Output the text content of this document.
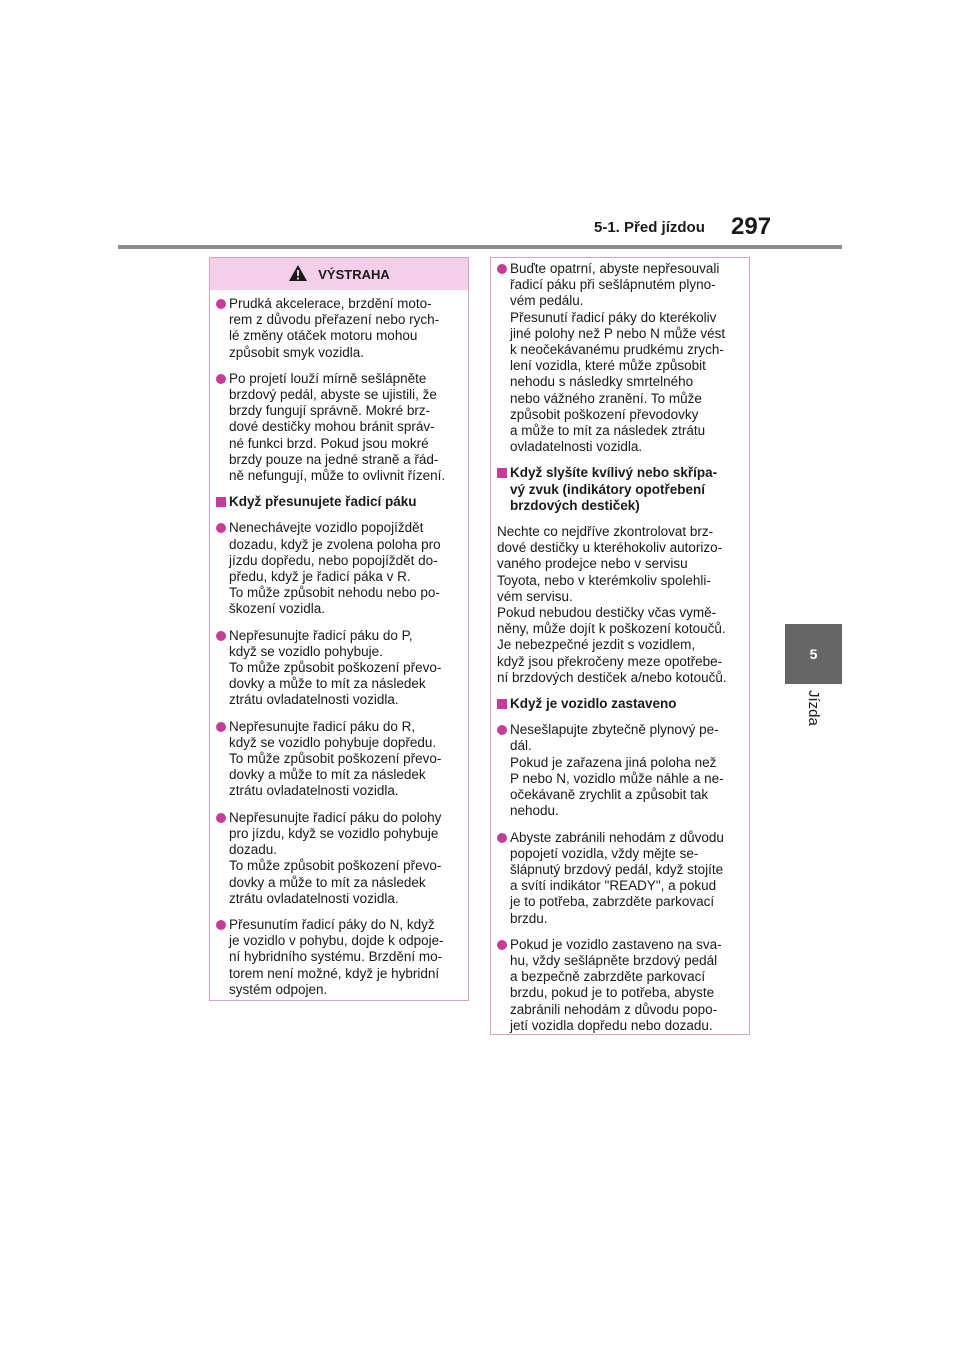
5-1. Před jízdou 297
5
Jízda
VÝSTRAHA
Prudká akcelerace, brzdění moto-
rem z důvodu přeřazení nebo rych-
lé změny otáček motoru mohou
způsobit smyk vozidla.
Po projetí louží mírně sešlápněte
brzdový pedál, abyste se ujistili, že
brzdy fungují správně. Mokré brz-
dové destičky mohou bránit správ-
né funkci brzd. Pokud jsou mokré
brzdy pouze na jedné straně a řád-
ně nefungují, může to ovlivnit řízení.
Když přesunujete řadicí páku
Nenechávejte vozidlo popojíždět
dozadu, když je zvolena poloha pro
jízdu dopředu, nebo popojíždět do-
předu, když je řadicí páka v R.
To může způsobit nehodu nebo po-
škození vozidla.
Nepřesunujte řadicí páku do P,
když se vozidlo pohybuje.
To může způsobit poškození převo-
dovky a může to mít za následek
ztrátu ovladatelnosti vozidla.
Nepřesunujte řadicí páku do R,
když se vozidlo pohybuje dopředu.
To může způsobit poškození převo-
dovky a může to mít za následek
ztrátu ovladatelnosti vozidla.
Nepřesunujte řadicí páku do polohy
pro jízdu, když se vozidlo pohybuje
dozadu.
To může způsobit poškození převo-
dovky a může to mít za následek
ztrátu ovladatelnosti vozidla.
Přesunutím řadicí páky do N, když
je vozidlo v pohybu, dojde k odpoje-
ní hybridního systému. Brzdění mo-
torem není možné, když je hybridní
systém odpojen.
Buďte opatrní, abyste nepřesouvali
řadicí páku při sešlápnutém plyno-
vém pedálu.
Přesunutí řadicí páky do kterékoliv
jiné polohy než P nebo N může vést
k neočekávanému prudkému zrych-
lení vozidla, které může způsobit
nehodu s následky smrtelného
nebo vážného zranění. To může
způsobit poškození převodovky
a může to mít za následek ztrátu
ovladatelnosti vozidla.
Když slyšíte kvílivý nebo skřípa-
vý zvuk (indikátory opotřebení
brzdových destiček)
Nechte co nejdříve zkontrolovat brz-
dové destičky u kteréhokoliv autorizo-
vaného prodejce nebo v servisu
Toyota, nebo v kterémkoliv spolehli-
vém servisu.
Pokud nebudou destičky včas vymě-
něny, může dojít k poškození kotoučů.
Je nebezpečné jezdit s vozidlem,
když jsou překročeny meze opotřebe-
ní brzdových destiček a/nebo kotoučů.
Když je vozidlo zastaveno
Nesešlapujte zbytečně plynový pe-
dál.
Pokud je zařazena jiná poloha než
P nebo N, vozidlo může náhle a ne-
očekávaně zrychlit a způsobit tak
nehodu.
Abyste zabránili nehodám z důvodu
popojetí vozidla, vždy mějte se-
šlápnutý brzdový pedál, když stojíte
a svítí indikátor "READY", a pokud
je to potřeba, zabrzděte parkovací
brzdu.
Pokud je vozidlo zastaveno na sva-
hu, vždy sešlápněte brzdový pedál
a bezpečně zabrzděte parkovací
brzdu, pokud je to potřeba, abyste
zabránili nehodám z důvodu popo-
jetí vozidla dopředu nebo dozadu.
